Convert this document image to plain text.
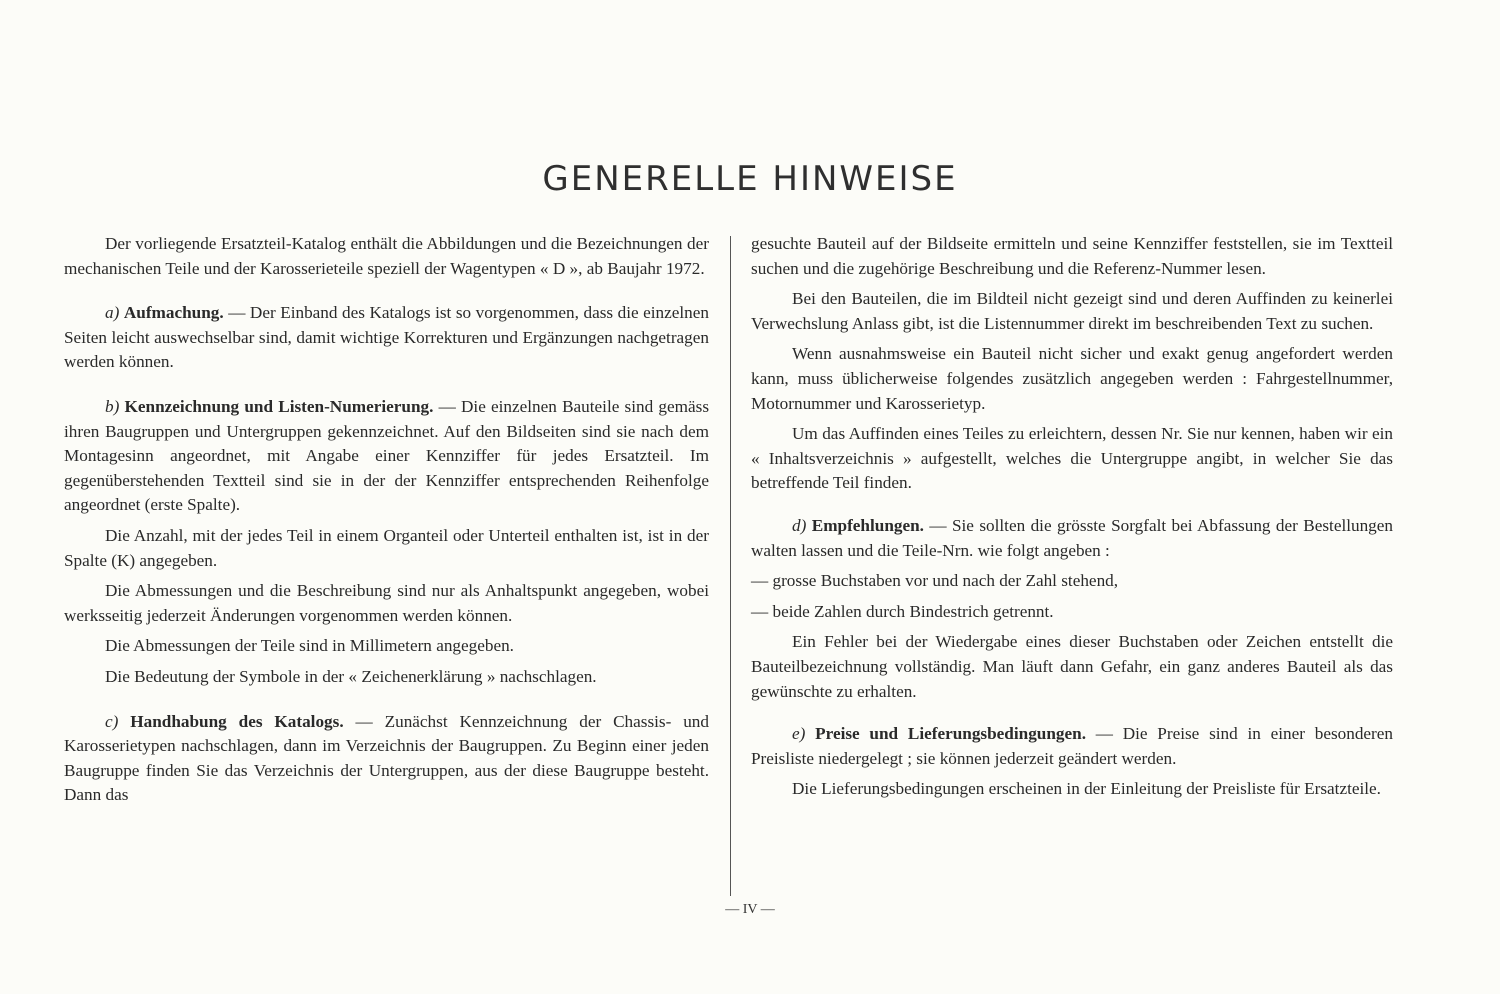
GENERELLE HINWEISE

Der vorliegende Ersatzteil-Katalog enthält die Abbildungen und die Bezeichnungen der mechanischen Teile und der Karosserieteile speziell der Wagentypen « D », ab Baujahr 1972.

a) Aufmachung. — Der Einband des Katalogs ist so vorgenommen, dass die einzelnen Seiten leicht auswechselbar sind, damit wichtige Korrekturen und Ergänzungen nachgetragen werden können.

b) Kennzeichnung und Listen-Numerierung. — Die einzelnen Bauteile sind gemäss ihren Baugruppen und Untergruppen gekennzeichnet. Auf den Bildseiten sind sie nach dem Montagesinn angeordnet, mit Angabe einer Kennziffer für jedes Ersatzteil. Im gegenüberstehenden Textteil sind sie in der der Kennziffer entsprechenden Reihenfolge angeordnet (erste Spalte).

Die Anzahl, mit der jedes Teil in einem Organteil oder Unterteil enthalten ist, ist in der Spalte (K) angegeben.

Die Abmessungen und die Beschreibung sind nur als Anhaltspunkt angegeben, wobei werksseitig jederzeit Änderungen vorgenommen werden können.

Die Abmessungen der Teile sind in Millimetern angegeben.

Die Bedeutung der Symbole in der « Zeichenerklärung » nachschlagen.

c) Handhabung des Katalogs. — Zunächst Kennzeichnung der Chassis- und Karosserietypen nachschlagen, dann im Verzeichnis der Baugruppen. Zu Beginn einer jeden Baugruppe finden Sie das Verzeichnis der Untergruppen, aus der diese Baugruppe besteht. Dann das

gesuchte Bauteil auf der Bildseite ermitteln und seine Kennziffer feststellen, sie im Textteil suchen und die zugehörige Beschreibung und die Referenz-Nummer lesen.

Bei den Bauteilen, die im Bildteil nicht gezeigt sind und deren Auffinden zu keinerlei Verwechslung Anlass gibt, ist die Listennummer direkt im beschreibenden Text zu suchen.

Wenn ausnahmsweise ein Bauteil nicht sicher und exakt genug angefordert werden kann, muss üblicherweise folgendes zusätzlich angegeben werden : Fahrgestellnummer, Motornummer und Karosserietyp.

Um das Auffinden eines Teiles zu erleichtern, dessen Nr. Sie nur kennen, haben wir ein « Inhaltsverzeichnis » aufgestellt, welches die Untergruppe angibt, in welcher Sie das betreffende Teil finden.

d) Empfehlungen. — Sie sollten die grösste Sorgfalt bei Abfassung der Bestellungen walten lassen und die Teile-Nrn. wie folgt angeben :

— grosse Buchstaben vor und nach der Zahl stehend,

— beide Zahlen durch Bindestrich getrennt.

Ein Fehler bei der Wiedergabe eines dieser Buchstaben oder Zeichen entstellt die Bauteilbezeichnung vollständig. Man läuft dann Gefahr, ein ganz anderes Bauteil als das gewünschte zu erhalten.

e) Preise und Lieferungsbedingungen. — Die Preise sind in einer besonderen Preisliste niedergelegt ; sie können jederzeit geändert werden.

Die Lieferungsbedingungen erscheinen in der Einleitung der Preisliste für Ersatzteile.

— IV —
